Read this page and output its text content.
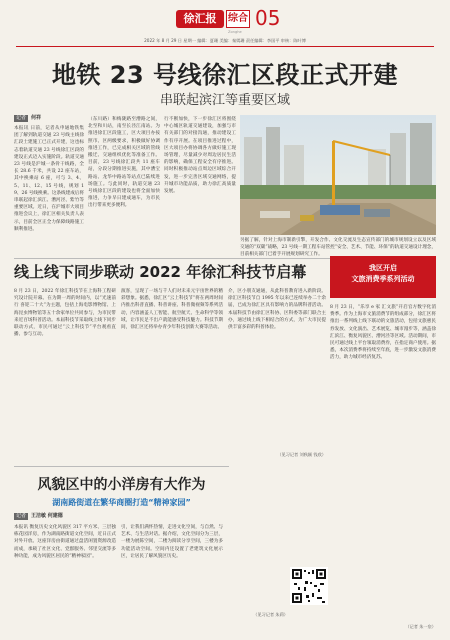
徐汇报	综合
Zonghe
05
2022 年 8 月 29 日 星期一 编辑：夏珊 美编：秦嫣珊 责任编辑：李国平 审核：陈叶博
地铁 23 号线徐汇区段正式开建
串联起滨江等重要区域
记者 何祥
本报讯 日前，记者从申通地铁集团了解到轨道交通 23 号线主线徐汇段土建施工已正式开建，这也标志着轨道交通 23 号线徐汇区段的建设正式迈入实施阶段。轨道交通 23 号线是沪城一条骨干线路，全长 28.6 千米，共设 22 座车站，其中换乘站 6 座，可与 3、4、5、11、12、15 号线，规划 19、26 号线换乘。这条线建成后将串联起徐汇滨江、漕河泾、紫竹等重要区域。近日，在沪城市大项目推进会议上，徐汇区相关负责人表示，目前全区正全力保障线路施工顺利推进。
（东川路）和梅陇路至漕路之间，北至和川站，南至长泾江南站。为推进徐汇区段施工，区大项目办按照市、区两级要求，积极做好协调推进工作，已完成相关区域的管线搬迁、交通组织优化等准备工作。目前，23 号线徐汇段共 11 座车站，分段分期推进实施，其中漕宝路站、龙华中路站等站点已陆续进场施工。与此同时，轨道交通 23 号线徐汇区段的建设也将全面加快推进，力争早日建成通车，为市民出行带来更多便利。
行不断加快，下一步徐汇区将围绕中心城区轨道交通建设，加强与市有关部门的对接沟通，推动建设工作有序开展。在项目推进过程中，区大项目办将协调各方做好施工现场管理，尽量减少对周边居民生活的影响，确保工程安全有序推进。同时积极推动站点周边区域综合开发，进一步完善区域交通网络，提升城市功能品质，助力徐汇高质量发展。
另据了解，针对上海市制新引擎，开发合作、文化交流及生态宣传部门的城市规划设立以及区域交通的“双碳”战略，23 号线一期工程车站管控“安全、艺术、节能、环保”的轨道交通设计理念，目前相关部门已着手开展规划研究工作。
我区开启
文旅消费季系列活动
8 月 23 日，“乐享 e 家 汇文旅”开启官方数字化消费季。作为上海市文旅消费节的组成部分，徐汇区将推出一系列线上线下联动的文旅活动，包括文旅惠民券发放、文化演出、艺术展览、城市漫步等，涵盖徐汇滨江、衡复风貌区、漕河泾等区域。活动期间，市民可通过线上平台领取消费券，在指定商户使用。据悉，本次消费季将持续至年底，进一步激发文旅消费活力，助力城市经济复苏。
（记者 朱一宸）
线上线下同步联动 2022 年徐汇科技节启幕
8 月 23 日，2022 年徐汇科技节在上海科工程研究设计院开幕。在为期一周的时间内，以“光速前行 喜迎二十大”为主题，包括上海电影博物馆、上海昆虫博物馆等五十余家单位共同参与，为市民带来近百场科普活动。本届科技节采取线上线下同步联动方式，市民可通过“云上科技节”平台观看直播、参与互动。
演客，呈现了一场与千人们对未来元宇宙世界的精彩想象。据悉，徐汇区“云上科技节”将在两周时间内推出科普直播、科普讲座、科普微视频等系列活动，内容涵盖人工智能、航空航天、生命科学等领域，让市民足不出户就能感受科技魅力。科技节期间，徐汇区还将举办青少年科技创新大赛等活动。
介，区小朋友通通，从此科普教育进入新阶段。徐汇区科技节自 1995 年以来已连续举办二十余届，已成为徐汇区具有影响力的品牌科普活动。本届科技节由徐汇区科协、区科委等部门联合主办，通过线上线下相结合的方式，为广大市民提供丰富多彩的科普体验。
（见习记者 刘秋颖 钱欣）
风貌区中的小洋房有大作为
湖南路街道在繁华商圈打造“精神家园”
记者 王洁敏 何建德
本报讯 衡复历史文化风貌区 317 平方米、三层独栋花园洋房，作为湖南路街道文化空间，近日正式对外开放。这座洋房由街道通过盘活闲置资源改造而成，承载了社区文化、党群服务、邻里交流等多种功能，成为风貌区居民的“精神家园”。
引，让我们满怀热情，走进文化空间，与自然、与艺术、与生活对话。据介绍，文化空间分为三层，一楼为展陈空间，二楼为阅读分享空间，三楼为多功能活动空间。空间内还设置了老建筑文化展示区，让居民了解风貌区历史。
（见习记者 朱莉）
